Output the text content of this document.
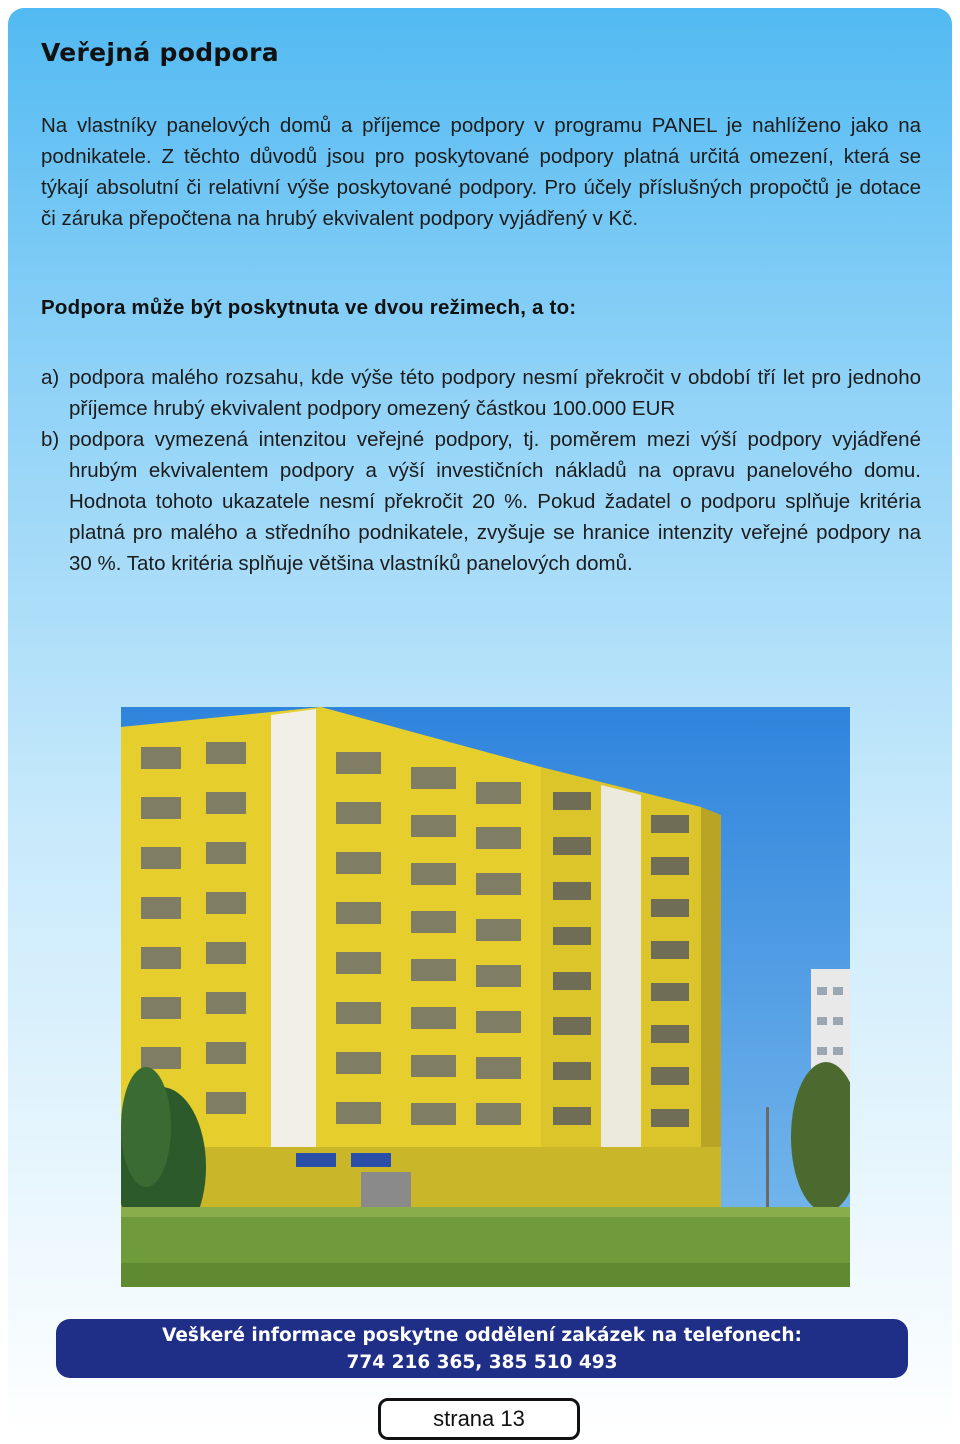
Veřejná podpora

Na vlastníky panelových domů a příjemce podpory v programu PANEL je nahlíženo jako na podnikatele. Z těchto důvodů jsou pro poskytované podpory platná určitá omezení, která se týkají absolutní či relativní výše poskytované podpory. Pro účely příslušných propočtů je dotace či záruka přepočtena na hrubý ekvivalent podpory vyjádřený v Kč.

Podpora může být poskytnuta ve dvou režimech, a to:

a) podpora malého rozsahu, kde výše této podpory nesmí překročit v období tří let pro jednoho příjemce hrubý ekvivalent podpory omezený částkou 100.000 EUR
b) podpora vymezená intenzitou veřejné podpory, tj. poměrem mezi výší podpory vyjádřené hrubým ekvivalentem podpory a výší investičních nákladů na opravu panelového domu. Hodnota tohoto ukazatele nesmí překročit 20 %. Pokud žadatel o podporu splňuje kritéria platná pro malého a středního podnikatele, zvyšuje se hranice intenzity veřejné podpory na 30 %. Tato kritéria splňuje většina vlastníků panelových domů.
Veškeré informace poskytne oddělení zakázek na telefonech:
774 216 365, 385 510 493
strana 13
